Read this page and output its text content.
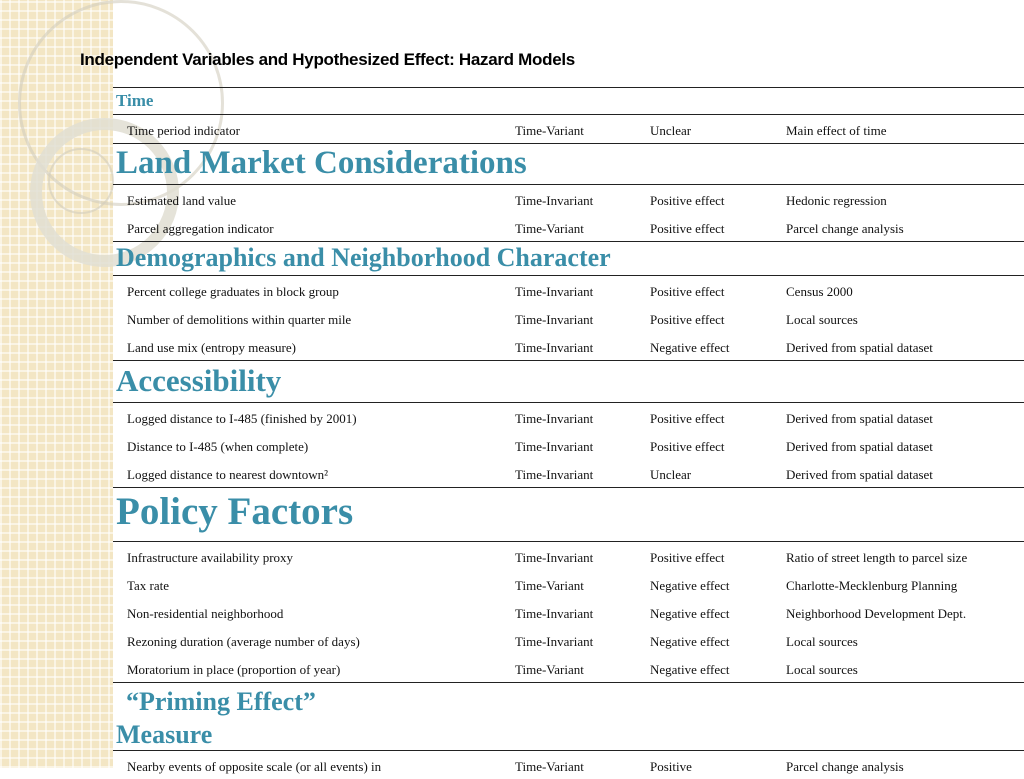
Independent Variables and Hypothesized Effect: Hazard Models
Time
Time period indicator	Time-Variant	Unclear	Main effect of time
Land Market Considerations
Estimated land value	Time-Invariant	Positive effect	Hedonic regression
Parcel aggregation indicator	Time-Variant	Positive effect	Parcel change analysis
Demographics and Neighborhood Character
Percent college graduates in block group	Time-Invariant	Positive effect	Census 2000
Number of demolitions within quarter mile	Time-Invariant	Positive effect	Local sources
Land use mix (entropy measure)	Time-Invariant	Negative effect	Derived from spatial dataset
Accessibility
Logged distance to I-485 (finished by 2001)	Time-Invariant	Positive effect	Derived from spatial dataset
Distance to I-485 (when complete)	Time-Invariant	Positive effect	Derived from spatial dataset
Logged distance to nearest downtown²	Time-Invariant	Unclear	Derived from spatial dataset
Policy Factors
Infrastructure availability proxy	Time-Invariant	Positive effect	Ratio of street length to parcel size
Tax rate	Time-Variant	Negative effect	Charlotte-Mecklenburg Planning
Non-residential neighborhood	Time-Invariant	Negative effect	Neighborhood Development Dept.
Rezoning duration (average number of days)	Time-Invariant	Negative effect	Local sources
Moratorium in place (proportion of year)	Time-Variant	Negative effect	Local sources
“Priming Effect”
Measure
Nearby events of opposite scale (or all events) in	Time-Variant	Positive	Parcel change analysis
